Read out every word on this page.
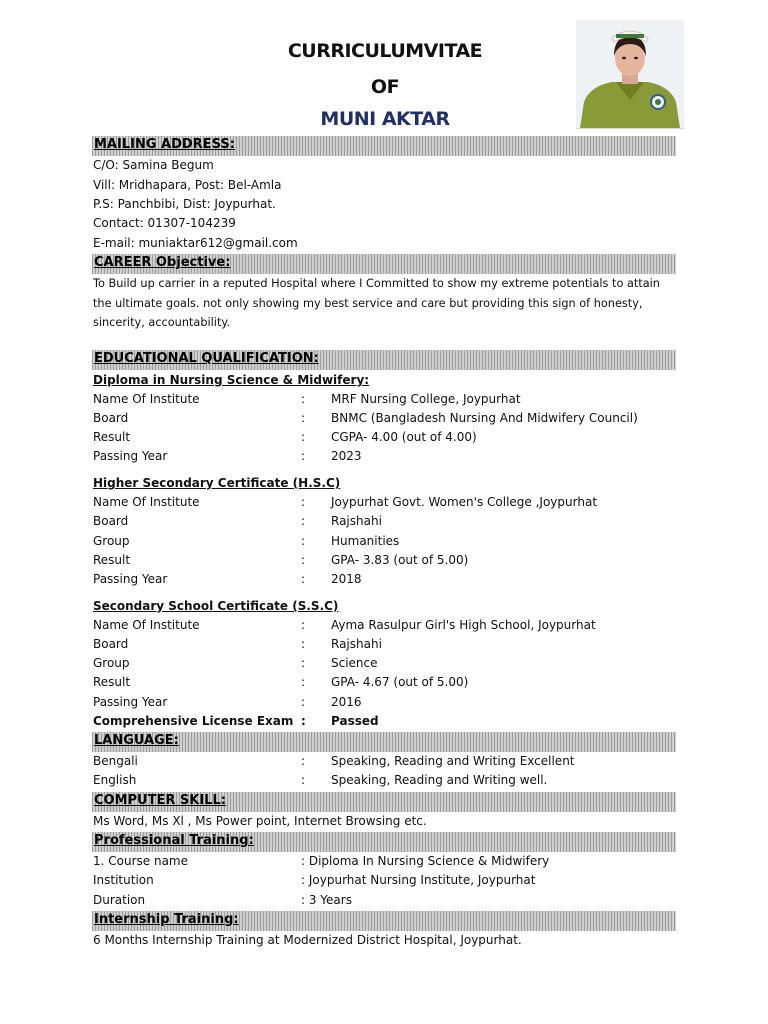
CURRICULUMVITAE
OF
MUNI AKTAR
MAILING ADDRESS:
C/O: Samina Begum
Vill: Mridhapara, Post: Bel-Amla
P.S: Panchbibi, Dist: Joypurhat.
Contact: 01307-104239
E-mail: muniaktar612@gmail.com
CAREER Objective:
To Build up carrier in a reputed Hospital where I Committed to show my extreme potentials to attain the ultimate goals. not only showing my best service and care but providing this sign of honesty, sincerity, accountability.
EDUCATIONAL QUALIFICATION:
Diploma in Nursing Science & Midwifery:
Name Of Institute	: MRF Nursing College, Joypurhat
Board	: BNMC (Bangladesh Nursing And Midwifery Council)
Result	: CGPA- 4.00 (out of 4.00)
Passing Year	: 2023
Higher Secondary Certificate (H.S.C)
Name Of Institute	: Joypurhat Govt. Women's College ,Joypurhat
Board	: Rajshahi
Group	: Humanities
Result	: GPA- 3.83 (out of 5.00)
Passing Year	: 2018
Secondary School Certificate (S.S.C)
Name Of Institute	: Ayma Rasulpur Girl's High School, Joypurhat
Board	: Rajshahi
Group	: Science
Result	: GPA- 4.67 (out of 5.00)
Passing Year	: 2016
Comprehensive License Exam : Passed
LANGUAGE:
Bengali	: Speaking, Reading and Writing Excellent
English	: Speaking, Reading and Writing well.
COMPUTER SKILL:
Ms Word, Ms Xl , Ms Power point, Internet Browsing etc.
Professional Training:
1. Course name	: Diploma In Nursing Science & Midwifery
Institution	: Joypurhat Nursing Institute, Joypurhat
Duration	: 3 Years
Internship Training:
6 Months Internship Training at Modernized District Hospital, Joypurhat.
